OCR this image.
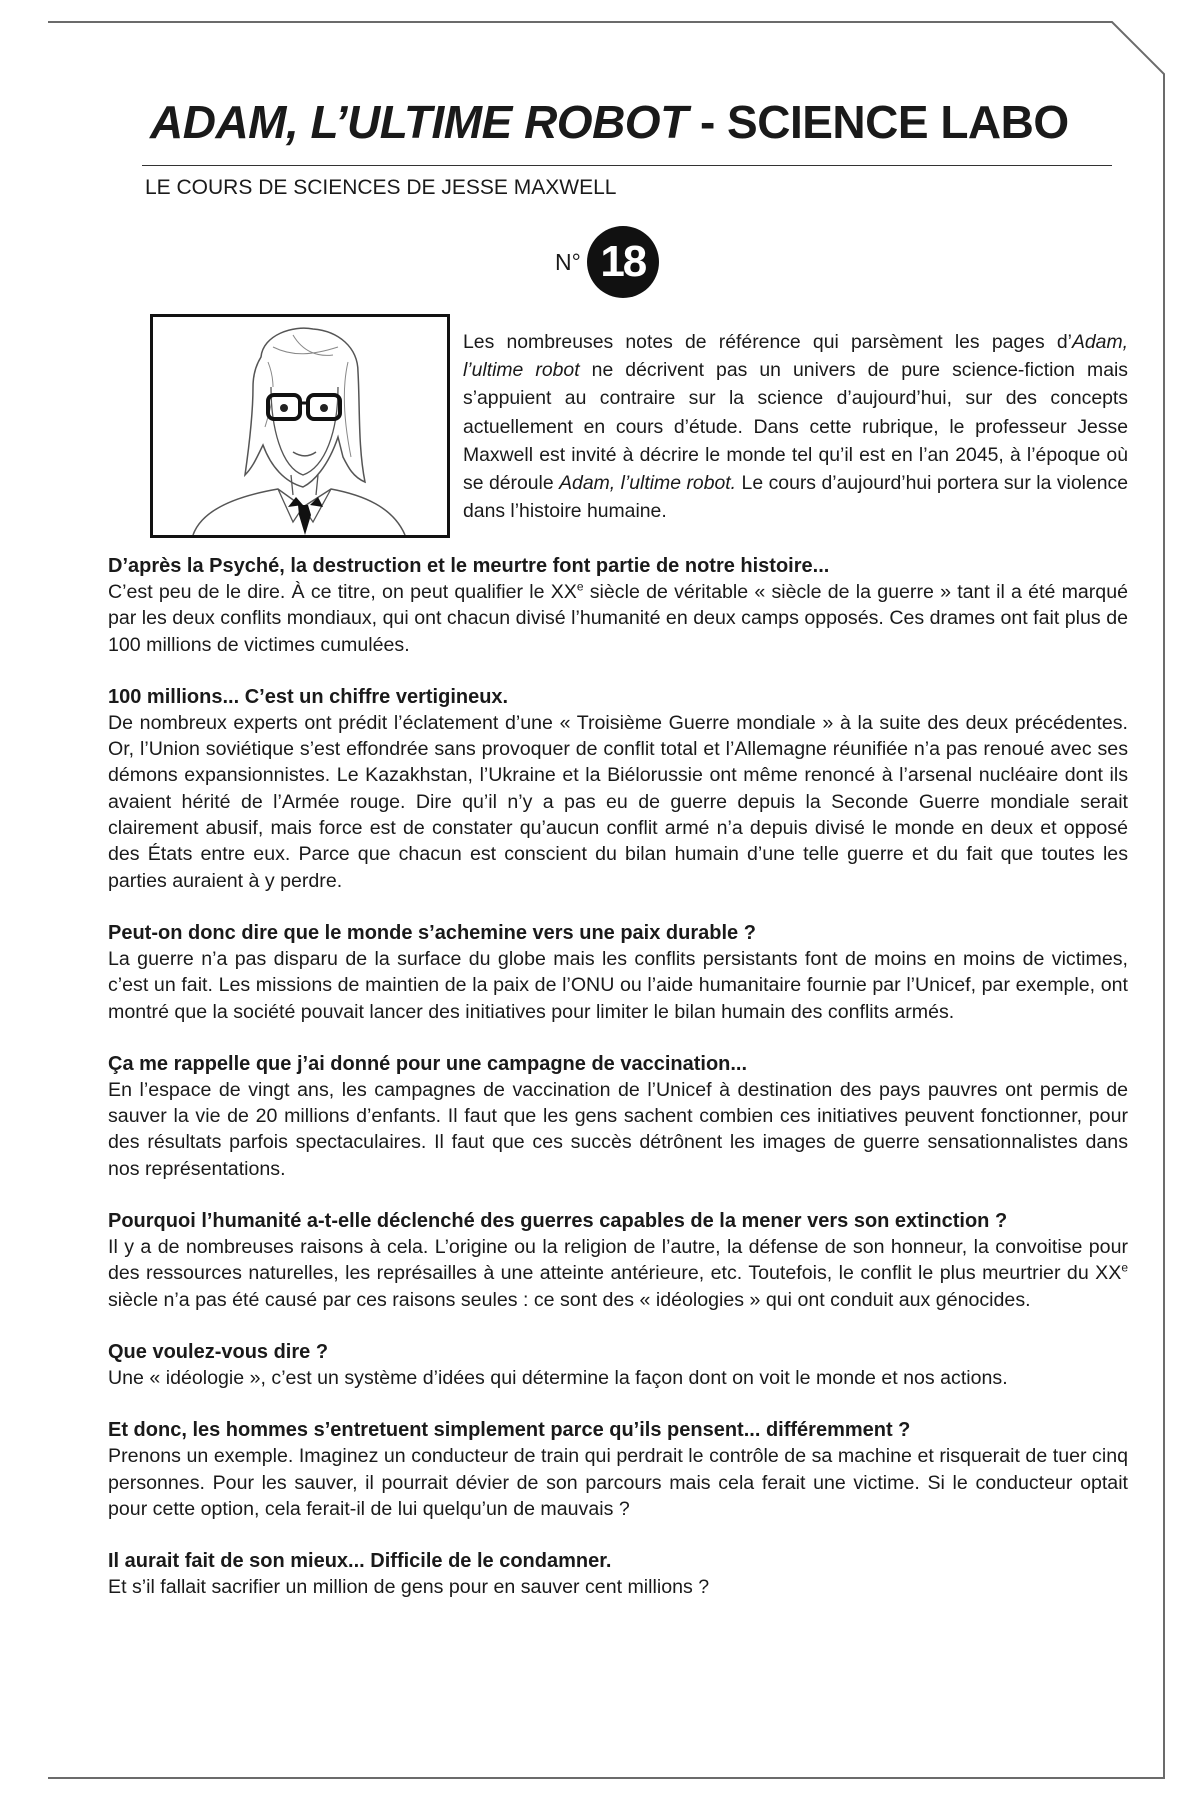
ADAM, L’ULTIME ROBOT - SCIENCE LABO
LE COURS DE SCIENCES DE JESSE MAXWELL
N° 18
Les nombreuses notes de référence qui parsèment les pages d’Adam, l’ultime robot ne décrivent pas un univers de pure science-fiction mais s’appuient au contraire sur la science d’aujourd’hui, sur des concepts actuellement en cours d’étude. Dans cette rubrique, le professeur Jesse Maxwell est invité à décrire le monde tel qu’il est en l’an 2045, à l’époque où se déroule Adam, l’ultime robot. Le cours d’aujourd’hui portera sur la violence dans l’histoire humaine.
D’après la Psyché, la destruction et le meurtre font partie de notre histoire...
C’est peu de le dire. À ce titre, on peut qualifier le XXe siècle de véritable « siècle de la guerre » tant il a été marqué par les deux conflits mondiaux, qui ont chacun divisé l’humanité en deux camps opposés. Ces drames ont fait plus de 100 millions de victimes cumulées.
100 millions... C’est un chiffre vertigineux.
De nombreux experts ont prédit l’éclatement d’une « Troisième Guerre mondiale » à la suite des deux précédentes. Or, l’Union soviétique s’est effondrée sans provoquer de conflit total et l’Allemagne réunifiée n’a pas renoué avec ses démons expansionnistes. Le Kazakhstan, l’Ukraine et la Biélorussie ont même renoncé à l’arsenal nucléaire dont ils avaient hérité de l’Armée rouge. Dire qu’il n’y a pas eu de guerre depuis la Seconde Guerre mondiale serait clairement abusif, mais force est de constater qu’aucun conflit armé n’a depuis divisé le monde en deux et opposé des États entre eux. Parce que chacun est conscient du bilan humain d’une telle guerre et du fait que toutes les parties auraient à y perdre.
Peut-on donc dire que le monde s’achemine vers une paix durable ?
La guerre n’a pas disparu de la surface du globe mais les conflits persistants font de moins en moins de victimes, c’est un fait. Les missions de maintien de la paix de l’ONU ou l’aide humanitaire fournie par l’Unicef, par exemple, ont montré que la société pouvait lancer des initiatives pour limiter le bilan humain des conflits armés.
Ça me rappelle que j’ai donné pour une campagne de vaccination...
En l’espace de vingt ans, les campagnes de vaccination de l’Unicef à destination des pays pauvres ont permis de sauver la vie de 20 millions d’enfants. Il faut que les gens sachent combien ces initiatives peuvent fonctionner, pour des résultats parfois spectaculaires. Il faut que ces succès détrônent les images de guerre sensationnalistes dans nos représentations.
Pourquoi l’humanité a-t-elle déclenché des guerres capables de la mener vers son extinction ?
Il y a de nombreuses raisons à cela. L’origine ou la religion de l’autre, la défense de son honneur, la convoitise pour des ressources naturelles, les représailles à une atteinte antérieure, etc. Toutefois, le conflit le plus meurtrier du XXe siècle n’a pas été causé par ces raisons seules : ce sont des « idéologies » qui ont conduit aux génocides.
Que voulez-vous dire ?
Une « idéologie », c’est un système d’idées qui détermine la façon dont on voit le monde et nos actions.
Et donc, les hommes s’entretuent simplement parce qu’ils pensent... différemment ?
Prenons un exemple. Imaginez un conducteur de train qui perdrait le contrôle de sa machine et risquerait de tuer cinq personnes. Pour les sauver, il pourrait dévier de son parcours mais cela ferait une victime. Si le conducteur optait pour cette option, cela ferait-il de lui quelqu’un de mauvais ?
Il aurait fait de son mieux... Difficile de le condamner.
Et s’il fallait sacrifier un million de gens pour en sauver cent millions ?
